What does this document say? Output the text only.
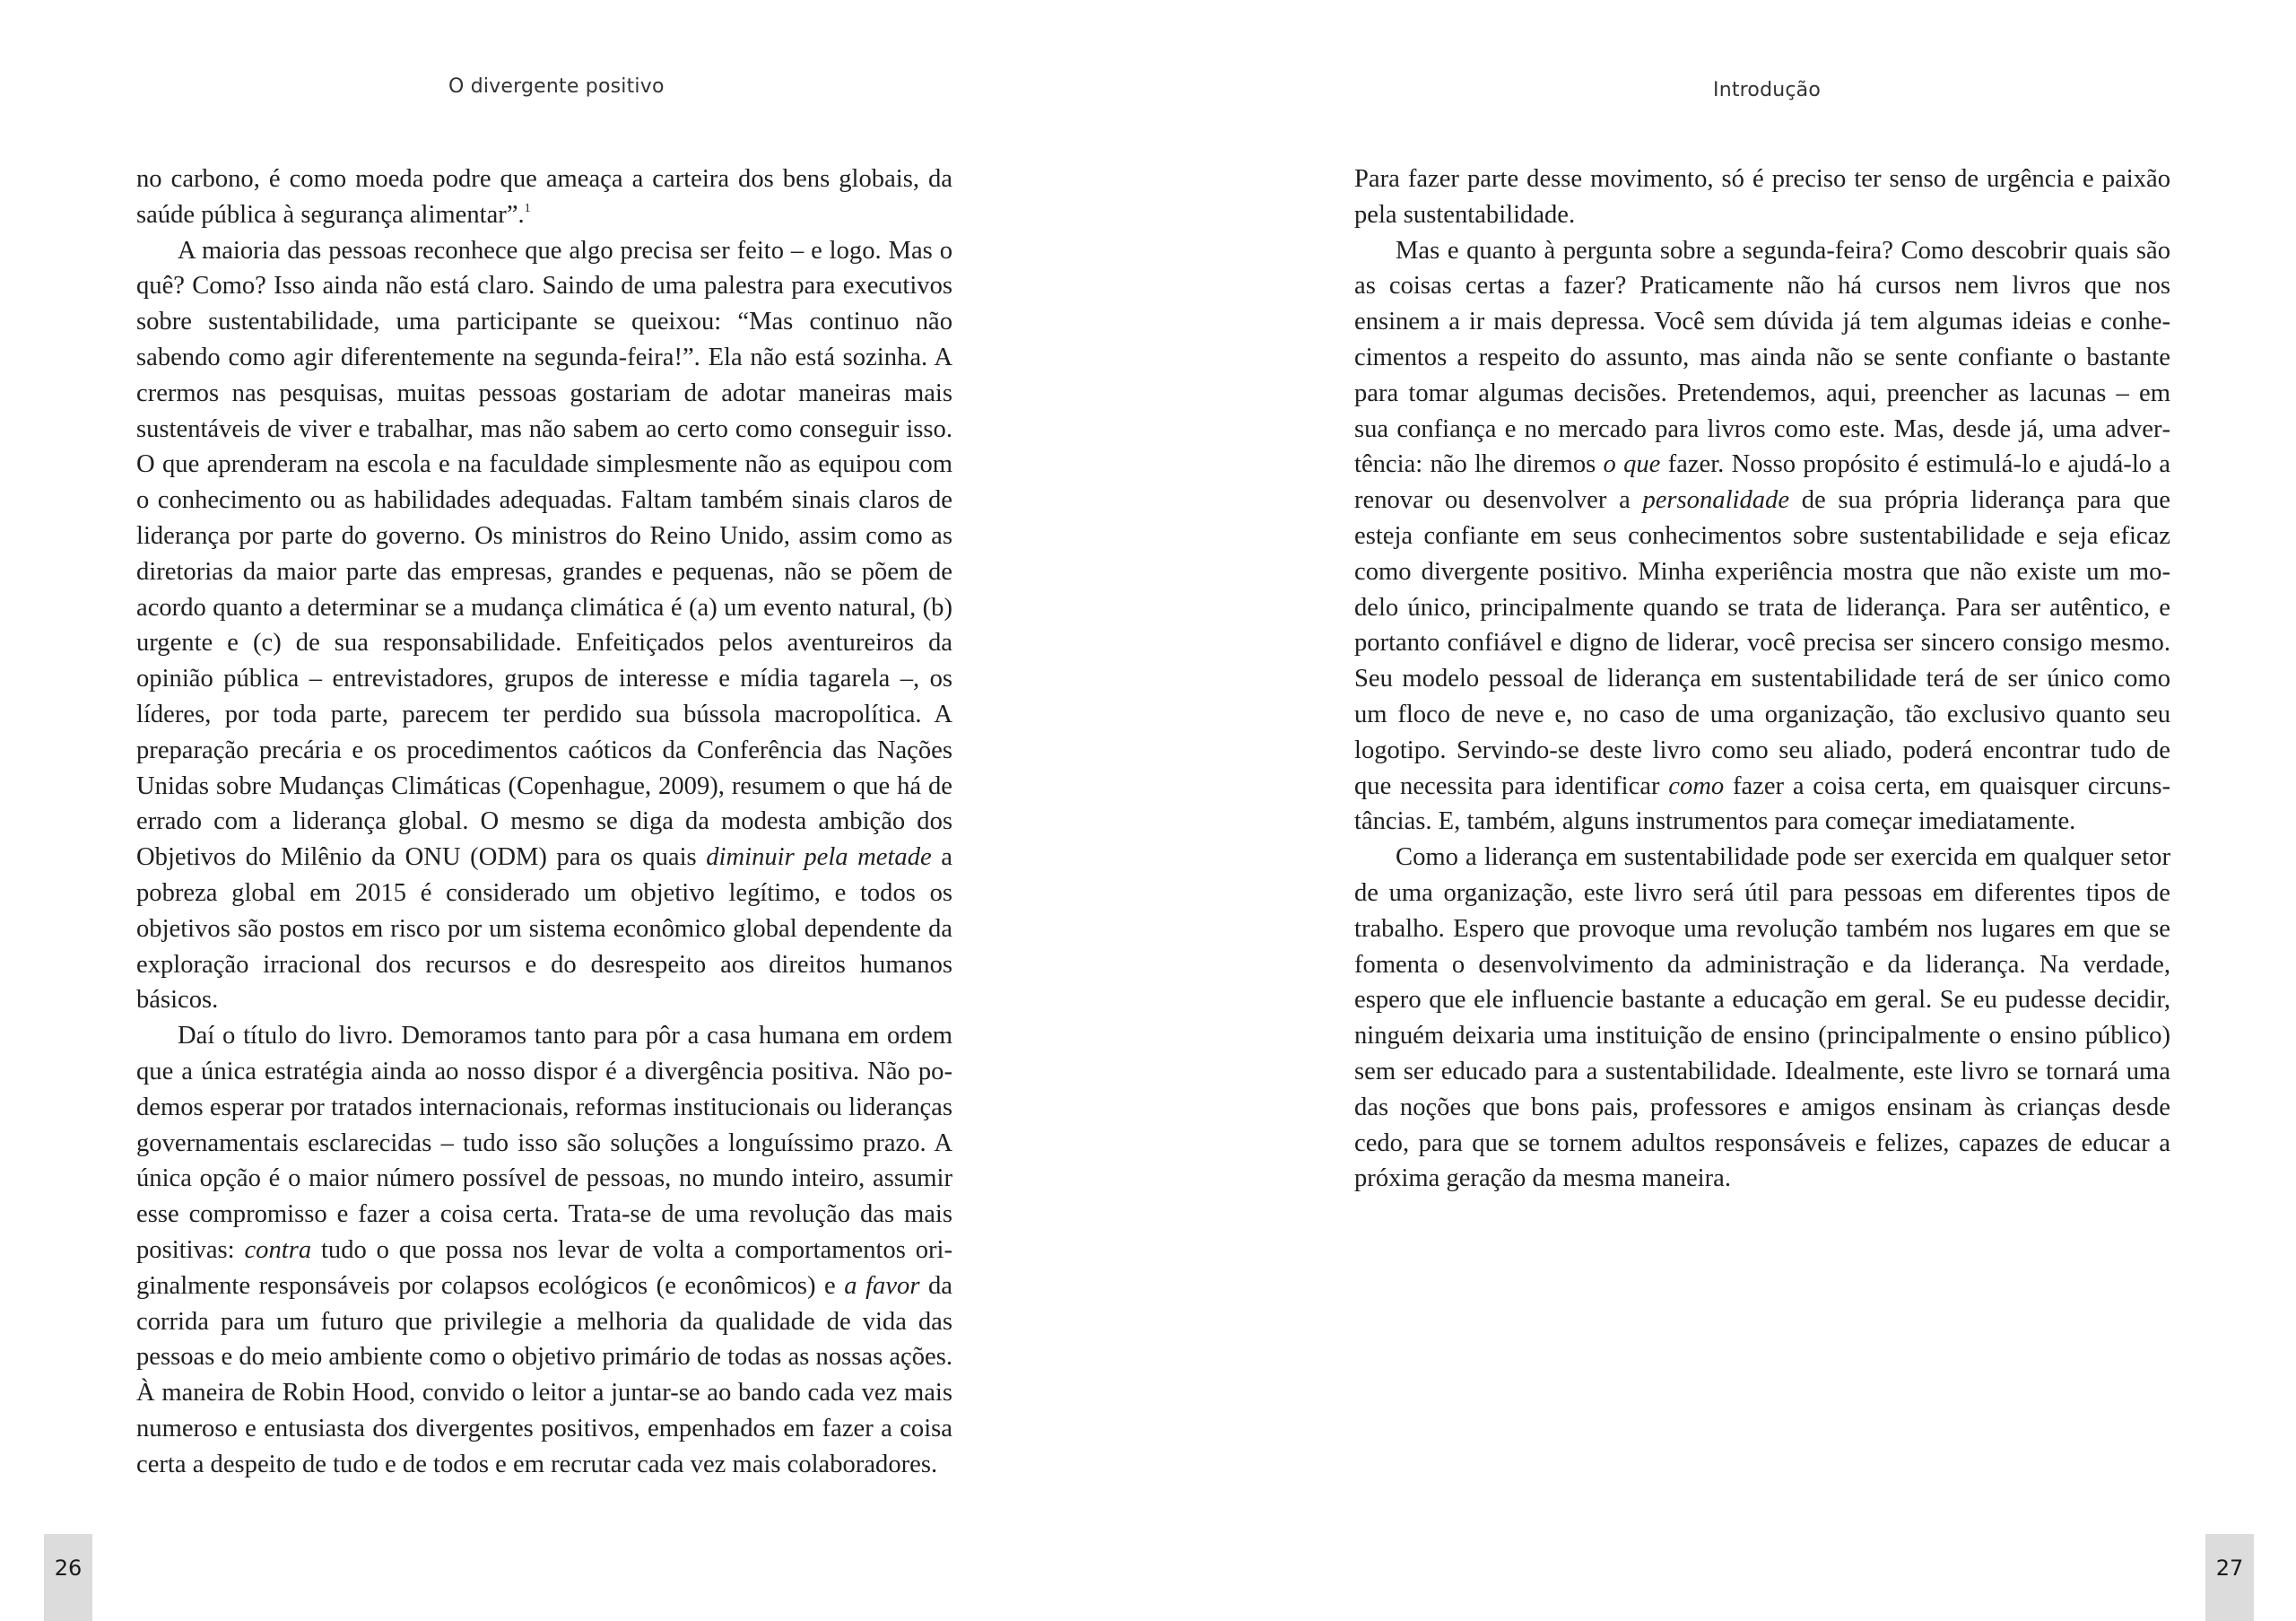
O divergente positivo

no carbono, é como moeda podre que ameaça a carteira dos bens globais, da saúde pública à segurança alimentar”.$^1$

A maioria das pessoas reconhece que algo precisa ser feito – e logo. Mas o quê? Como? Isso ainda não está claro. Saindo de uma palestra para executivos sobre sustentabilidade, uma participante se queixou: “Mas continuo não sabendo como agir diferentemente na segunda-feira!”. Ela não está sozinha. A crermos nas pesquisas, muitas pessoas gostariam de adotar maneiras mais sustentáveis de viver e trabalhar, mas não sabem ao certo como conseguir isso. O que aprenderam na escola e na faculdade simplesmente não as equipou com o conhecimento ou as habilidades adequadas. Faltam também sinais claros de liderança por parte do governo. Os ministros do Reino Unido, assim como as diretorias da maior parte das empresas, grandes e pequenas, não se põem de acordo quanto a determinar se a mudança climática é (a) um evento natural, (b) urgente e (c) de sua responsabilidade. Enfeitiçados pelos aventureiros da opinião pública – entrevistadores, grupos de interesse e mídia tagarela –, os líderes, por toda parte, parecem ter perdido sua bússola macropolítica. A preparação precária e os procedimentos caóticos da Conferência das Nações Unidas sobre Mudanças Climáticas (Copenhague, 2009), resumem o que há de errado com a liderança global. O mesmo se diga da modesta ambição dos Objetivos do Milênio da ONU (ODM) para os quais diminuir pela metade a pobreza global em 2015 é considerado um objetivo legítimo, e todos os objetivos são postos em risco por um sistema econômico global dependente da exploração irracional dos recursos e do desrespeito aos direitos humanos básicos.

Daí o título do livro. Demoramos tanto para pôr a casa humana em ordem que a única estratégia ainda ao nosso dispor é a divergência positiva. Não podemos esperar por tratados internacionais, reformas institucionais ou lideranças governamentais esclarecidas – tudo isso são soluções a longuíssimo prazo. A única opção é o maior número possível de pessoas, no mundo inteiro, assumir esse compromisso e fazer a coisa certa. Trata-se de uma revolução das mais positivas: contra tudo o que possa nos levar de volta a comportamentos originalmente responsáveis por colapsos ecológicos (e econômicos) e a favor da corrida para um futuro que privilegie a melhoria da qualidade de vida das pessoas e do meio ambiente como o objetivo primário de todas as nossas ações. À maneira de Robin Hood, convido o leitor a juntar-se ao bando cada vez mais numeroso e entusiasta dos divergentes positivos, empenhados em fazer a coisa certa a despeito de tudo e de todos e em recrutar cada vez mais colaboradores.

26
Introdução

Para fazer parte desse movimento, só é preciso ter senso de urgência e paixão pela sustentabilidade.

Mas e quanto à pergunta sobre a segunda-feira? Como descobrir quais são as coisas certas a fazer? Praticamente não há cursos nem livros que nos ensinem a ir mais depressa. Você sem dúvida já tem algumas ideias e conhecimentos a respeito do assunto, mas ainda não se sente confiante o bastante para tomar algumas decisões. Pretendemos, aqui, preencher as lacunas – em sua confiança e no mercado para livros como este. Mas, desde já, uma advertência: não lhe diremos o que fazer. Nosso propósito é estimulá-lo e ajudá-lo a renovar ou desenvolver a personalidade de sua própria liderança para que esteja confiante em seus conhecimentos sobre sustentabilidade e seja eficaz como divergente positivo. Minha experiência mostra que não existe um modelo único, principalmente quando se trata de liderança. Para ser autêntico, e portanto confiável e digno de liderar, você precisa ser sincero consigo mesmo. Seu modelo pessoal de liderança em sustentabilidade terá de ser único como um floco de neve e, no caso de uma organização, tão exclusivo quanto seu logotipo. Servindo-se deste livro como seu aliado, poderá encontrar tudo de que necessita para identificar como fazer a coisa certa, em quaisquer circunstâncias. E, também, alguns instrumentos para começar imediatamente.

Como a liderança em sustentabilidade pode ser exercida em qualquer setor de uma organização, este livro será útil para pessoas em diferentes tipos de trabalho. Espero que provoque uma revolução também nos lugares em que se fomenta o desenvolvimento da administração e da liderança. Na verdade, espero que ele influencie bastante a educação em geral. Se eu pudesse decidir, ninguém deixaria uma instituição de ensino (principalmente o ensino público) sem ser educado para a sustentabilidade. Idealmente, este livro se tornará uma das noções que bons pais, professores e amigos ensinam às crianças desde cedo, para que se tornem adultos responsáveis e felizes, capazes de educar a próxima geração da mesma maneira.

27
